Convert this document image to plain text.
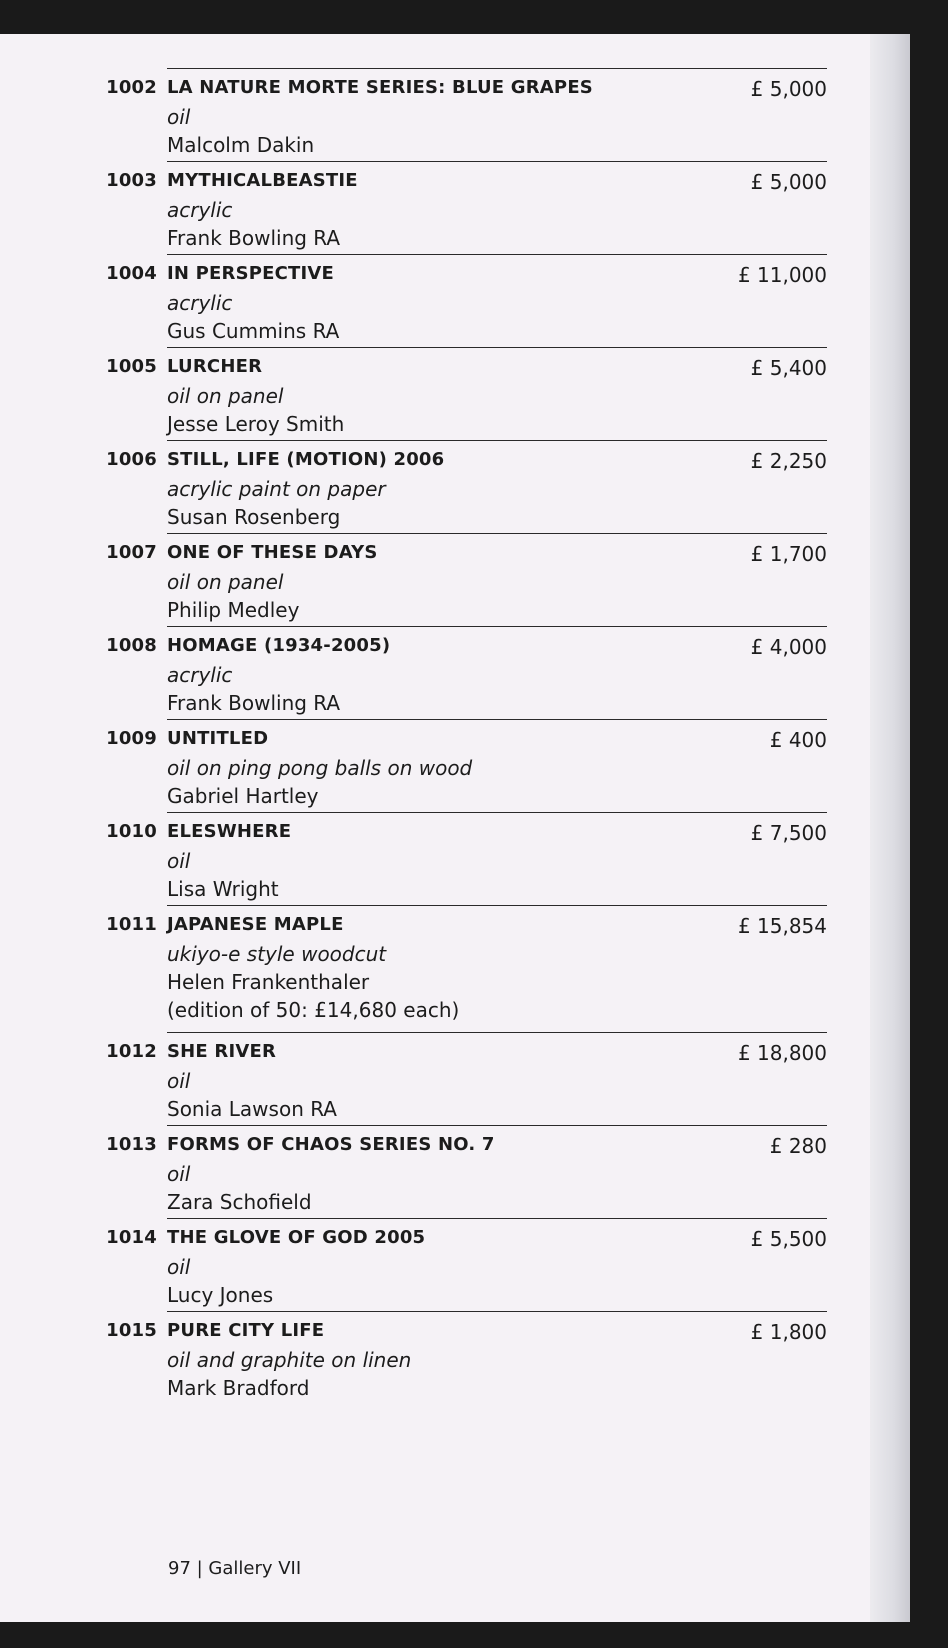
1002 LA NATURE MORTE SERIES: BLUE GRAPES
oil
Malcolm Dakin
£ 5,000
1003 MYTHICALBEASTIE
acrylic
Frank Bowling RA
£ 5,000
1004 IN PERSPECTIVE
acrylic
Gus Cummins RA
£ 11,000
1005 LURCHER
oil on panel
Jesse Leroy Smith
£ 5,400
1006 STILL, LIFE (MOTION) 2006
acrylic paint on paper
Susan Rosenberg
£ 2,250
1007 ONE OF THESE DAYS
oil on panel
Philip Medley
£ 1,700
1008 HOMAGE (1934-2005)
acrylic
Frank Bowling RA
£ 4,000
1009 UNTITLED
oil on ping pong balls on wood
Gabriel Hartley
£ 400
1010 ELESWHERE
oil
Lisa Wright
£ 7,500
1011 JAPANESE MAPLE
ukiyo-e style woodcut
Helen Frankenthaler
(edition of 50: £14,680 each)
£ 15,854
1012 SHE RIVER
oil
Sonia Lawson RA
£ 18,800
1013 FORMS OF CHAOS SERIES NO. 7
oil
Zara Schofield
£ 280
1014 THE GLOVE OF GOD 2005
oil
Lucy Jones
£ 5,500
1015 PURE CITY LIFE
oil and graphite on linen
Mark Bradford
£ 1,800
97 | Gallery VII
